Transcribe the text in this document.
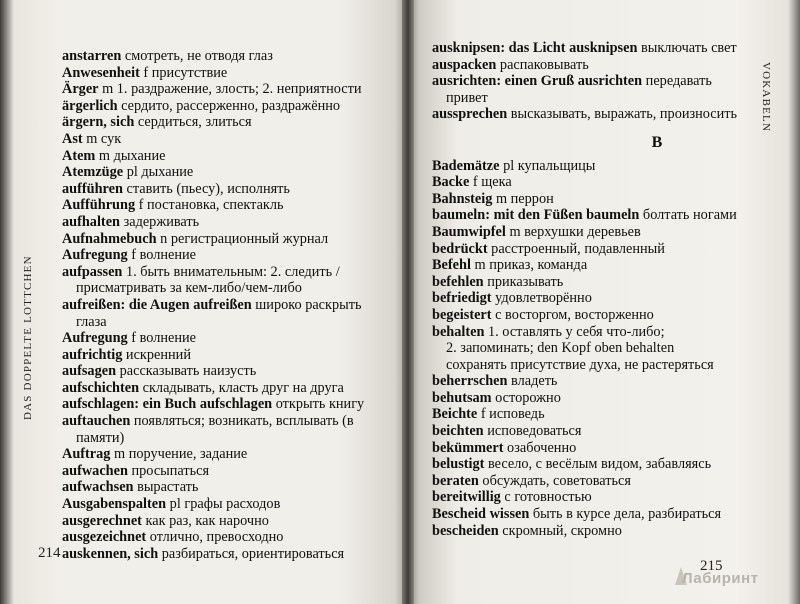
DAS DOPPELTE LOTTCHEN
VOKABELN
anstarren смотреть, не отводя глаз
Anwesenheit f присутствие
Ärger m 1. раздражение, злость; 2. неприятности
ärgerlich сердито, рассерженно, раздражённо
ärgern, sich сердиться, злиться
Ast m сук
Atem m дыхание
Atemzüge pl дыхание
aufführen ставить (пьесу), исполнять
Aufführung f постановка, спектакль
aufhalten задерживать
Aufnahmebuch n регистрационный журнал
Aufregung f волнение
aufpassen 1. быть внимательным: 2. следить /
присматривать за кем-либо/чем-либо
aufreißen: die Augen aufreißen широко раскрыть
глаза
Aufregung f волнение
aufrichtig искренний
aufsagen рассказывать наизусть
aufschichten складывать, класть друг на друга
aufschlagen: ein Buch aufschlagen открыть книгу
auftauchen появляться; возникать, всплывать (в
памяти)
Auftrag m поручение, задание
aufwachen просыпаться
aufwachsen вырастать
Ausgabenspalten pl графы расходов
ausgerechnet как раз, как нарочно
ausgezeichnet отлично, превосходно
auskennen, sich разбираться, ориентироваться
ausknipsen: das Licht ausknipsen выключать свет
auspacken распаковывать
ausrichten: einen Gruß ausrichten передавать
привет
aussprechen высказывать, выражать, произносить
B
Bademätze pl купальщицы
Backe f щека
Bahnsteig m перрон
baumeln: mit den Füßen baumeln болтать ногами
Baumwipfel m верхушки деревьев
bedrückt расстроенный, подавленный
Befehl m приказ, команда
befehlen приказывать
befriedigt удовлетворённо
begeistert с восторгом, восторженно
behalten 1. оставлять у себя что-либо;
2. запоминать; den Kopf oben behalten
сохранять присутствие духа, не растеряться
beherrschen владеть
behutsam осторожно
Beichte f исповедь
beichten исповедоваться
bekümmert озабоченно
belustigt весело, с весёлым видом, забавляясь
beraten обсуждать, советоваться
bereitwillig с готовностью
Bescheid wissen быть в курсе дела, разбираться
bescheiden скромный, скромно
214
215
Лабиринт
